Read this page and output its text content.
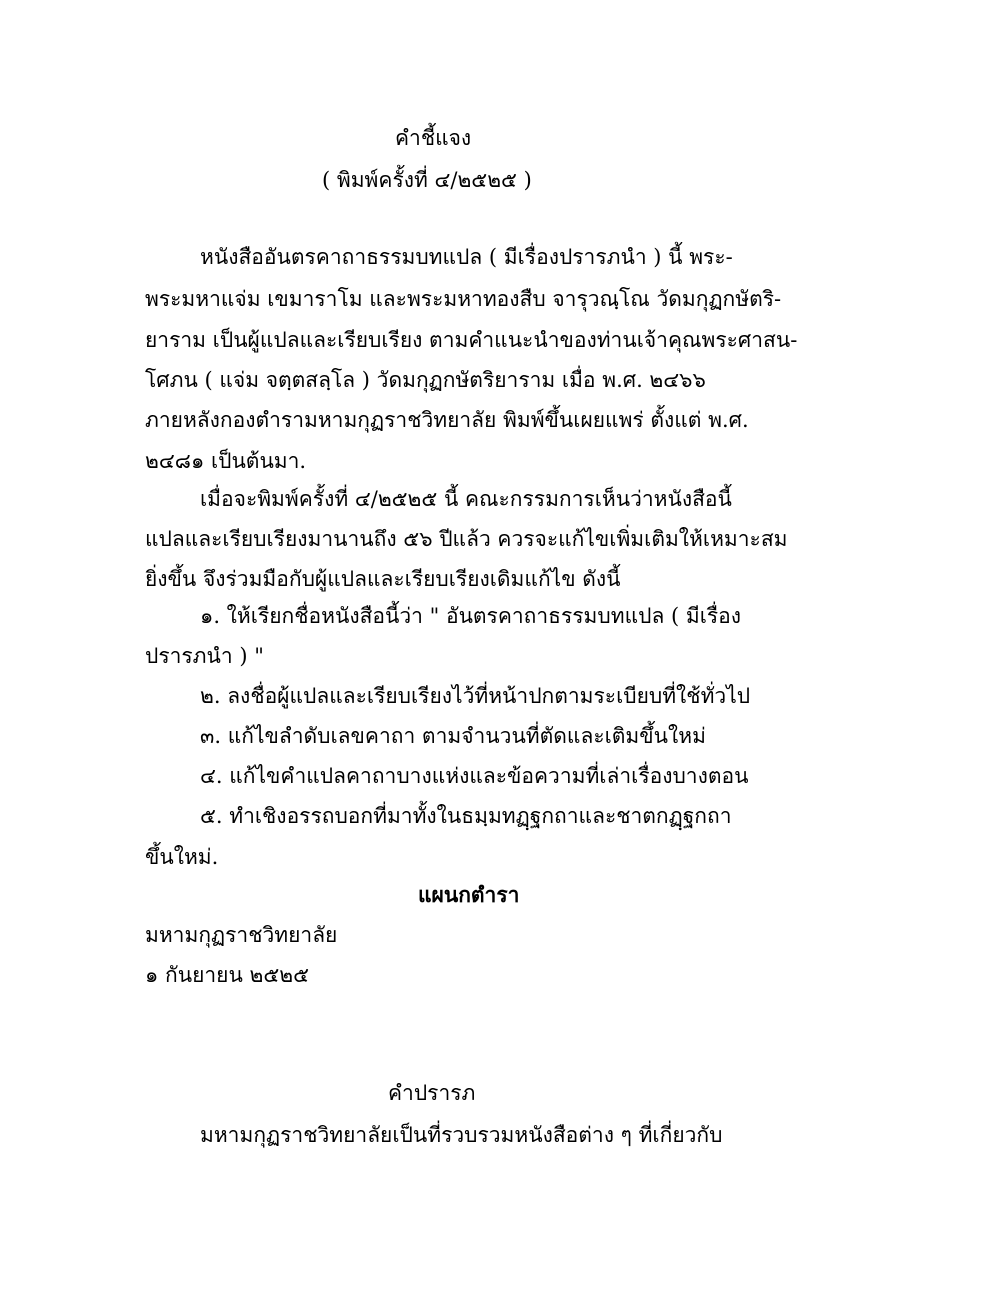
คำชี้แจง
( พิมพ์ครั้งที่ ๔/๒๕๒๕ )
หนังสืออันตรคาถาธรรมบทแปล ( มีเรื่องปรารภนำ ) นี้ พระ-
พระมหาแจ่ม เขมาราโม และพระมหาทองสืบ จารุวณฺโณ วัดมกุฏกษัตริ-
ยาราม เป็นผู้แปลและเรียบเรียง ตามคำแนะนำของท่านเจ้าคุณพระศาสน-
โศภน ( แจ่ม จตฺตสลฺโล ) วัดมกุฏกษัตริยาราม เมื่อ พ.ศ. ๒๔๖๖
ภายหลังกองตำรามหามกุฏราชวิทยาลัย พิมพ์ขึ้นเผยแพร่ ตั้งแต่ พ.ศ.
๒๔๘๑ เป็นต้นมา.
เมื่อจะพิมพ์ครั้งที่ ๔/๒๕๒๕ นี้ คณะกรรมการเห็นว่าหนังสือนี้
แปลและเรียบเรียงมานานถึง ๕๖ ปีแล้ว ควรจะแก้ไขเพิ่มเติมให้เหมาะสม
ยิ่งขึ้น จึงร่วมมือกับผู้แปลและเรียบเรียงเดิมแก้ไข ดังนี้
๑. ให้เรียกชื่อหนังสือนี้ว่า " อันตรคาถาธรรมบทแปล ( มีเรื่อง
ปรารภนำ ) "
๒. ลงชื่อผู้แปลและเรียบเรียงไว้ที่หน้าปกตามระเบียบที่ใช้ทั่วไป
๓. แก้ไขลำดับเลขคาถา ตามจำนวนที่ตัดและเติมขึ้นใหม่
๔. แก้ไขคำแปลคาถาบางแห่งและข้อความที่เล่าเรื่องบางตอน
๕. ทำเชิงอรรถบอกที่มาทั้งในธมฺมทฏฺฐกถาและชาตกฏฺฐกถา
ขึ้นใหม่.
แผนกตำรา
มหามกุฏราชวิทยาลัย
๑ กันยายน ๒๕๒๕
คำปรารภ
มหามกุฏราชวิทยาลัยเป็นที่รวบรวมหนังสือต่าง ๆ ที่เกี่ยวกับ
